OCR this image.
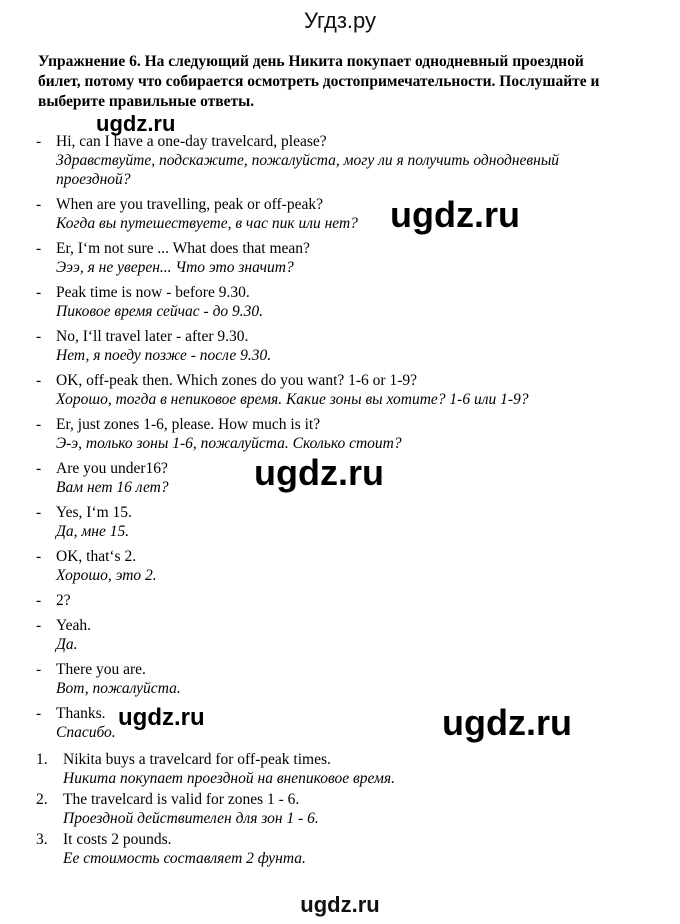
Угдз.ру
Упражнение 6. На следующий день Никита покупает однодневный проездной билет, потому что собирается осмотреть достопримечательности. Послушайте и выберите правильные ответы.
- Hi, can I have a one-day travelcard, please?
Здравствуйте, подскажите, пожалуйста, могу ли я получить однодневный проездной?
- When are you travelling, peak or off-peak?
Когда вы путешествуете, в час пик или нет?
- Er, I‘m not sure ... What does that mean?
Эээ, я не уверен... Что это значит?
- Peak time is now - before 9.30.
Пиковое время сейчас - до 9.30.
- No, I‘ll travel later - after 9.30.
Нет, я поеду позже - после 9.30.
- OK, off-peak then. Which zones do you want? 1-6 or 1-9?
Хорошо, тогда в непиковое время. Какие зоны вы хотите? 1-6 или 1-9?
- Er, just zones 1-6, please. How much is it?
Э-э, только зоны 1-6, пожалуйста. Сколько стоит?
- Are you under16?
Вам нет 16 лет?
- Yes, I‘m 15.
Да, мне 15.
- OK, that‘s 2.
Хорошо, это 2.
- 2?
- Yeah.
Да.
- There you are.
Вот, пожалуйста.
- Thanks.
Спасибо.
1. Nikita buys a travelcard for off-peak times.
Никита покупает проездной на внепиковое время.
2. The travelcard is valid for zones 1 - 6.
Проездной действителен для зон 1 - 6.
3. It costs 2 pounds.
Ее стоимость составляет 2 фунта.
ugdz.ru
ugdz.ru
ugdz.ru
ugdz.ru	ugdz.ru
ugdz.ru
